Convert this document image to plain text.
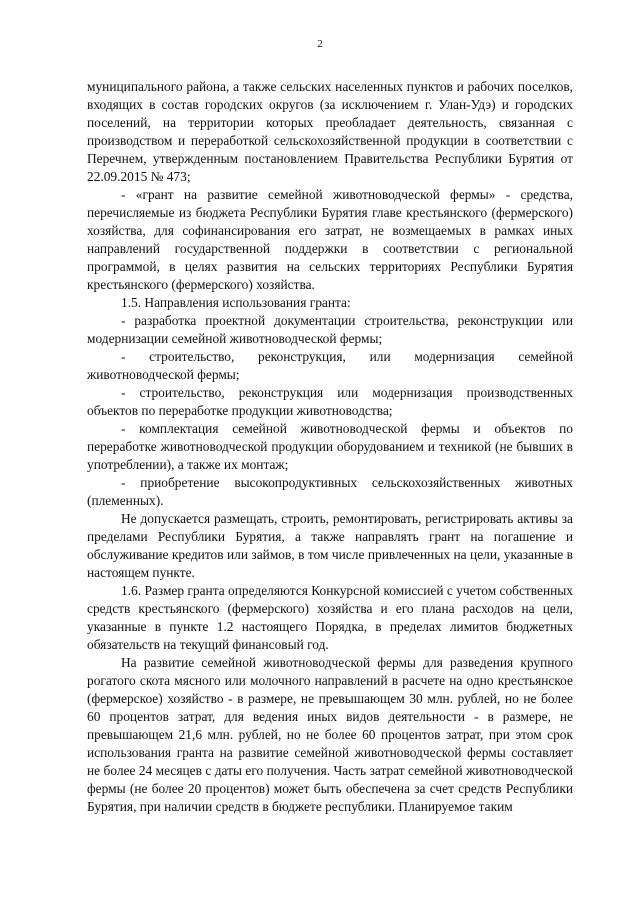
2

муниципального района, а также сельских населенных пунктов и рабочих поселков, входящих в состав городских округов (за исключением г. Улан-Удэ) и городских поселений, на территории которых преобладает деятельность, связанная с производством и переработкой сельскохозяйственной продукции в соответствии с Перечнем, утвержденным постановлением Правительства Республики Бурятия от 22.09.2015 № 473;

- «грант на развитие семейной животноводческой фермы» - средства, перечисляемые из бюджета Республики Бурятия главе крестьянского (фермерского) хозяйства, для софинансирования его затрат, не возмещаемых в рамках иных направлений государственной поддержки в соответствии с региональной программой, в целях развития на сельских территориях Республики Бурятия крестьянского (фермерского) хозяйства.

1.5. Направления использования гранта:

- разработка проектной документации строительства, реконструкции или модернизации семейной животноводческой фермы;

- строительство, реконструкция, или модернизация семейной животноводческой фермы;

- строительство, реконструкция или модернизация производственных объектов по переработке продукции животноводства;

- комплектация семейной животноводческой фермы и объектов по переработке животноводческой продукции оборудованием и техникой (не бывших в употреблении), а также их монтаж;

- приобретение высокопродуктивных сельскохозяйственных животных (племенных).

Не допускается размещать, строить, ремонтировать, регистрировать активы за пределами Республики Бурятия, а также направлять грант на погашение и обслуживание кредитов или займов, в том числе привлеченных на цели, указанные в настоящем пункте.

1.6. Размер гранта определяются Конкурсной комиссией с учетом собственных средств крестьянского (фермерского) хозяйства и его плана расходов на цели, указанные в пункте 1.2 настоящего Порядка, в пределах лимитов бюджетных обязательств на текущий финансовый год.

На развитие семейной животноводческой фермы для разведения крупного рогатого скота мясного или молочного направлений в расчете на одно крестьянское (фермерское) хозяйство - в размере, не превышающем 30 млн. рублей, но не более 60 процентов затрат, для ведения иных видов деятельности - в размере, не превышающем 21,6 млн. рублей, но не более 60 процентов затрат, при этом срок использования гранта на развитие семейной животноводческой фермы составляет не более 24 месяцев с даты его получения. Часть затрат семейной животноводческой фермы (не более 20 процентов) может быть обеспечена за счет средств Республики Бурятия, при наличии средств в бюджете республики. Планируемое таким
